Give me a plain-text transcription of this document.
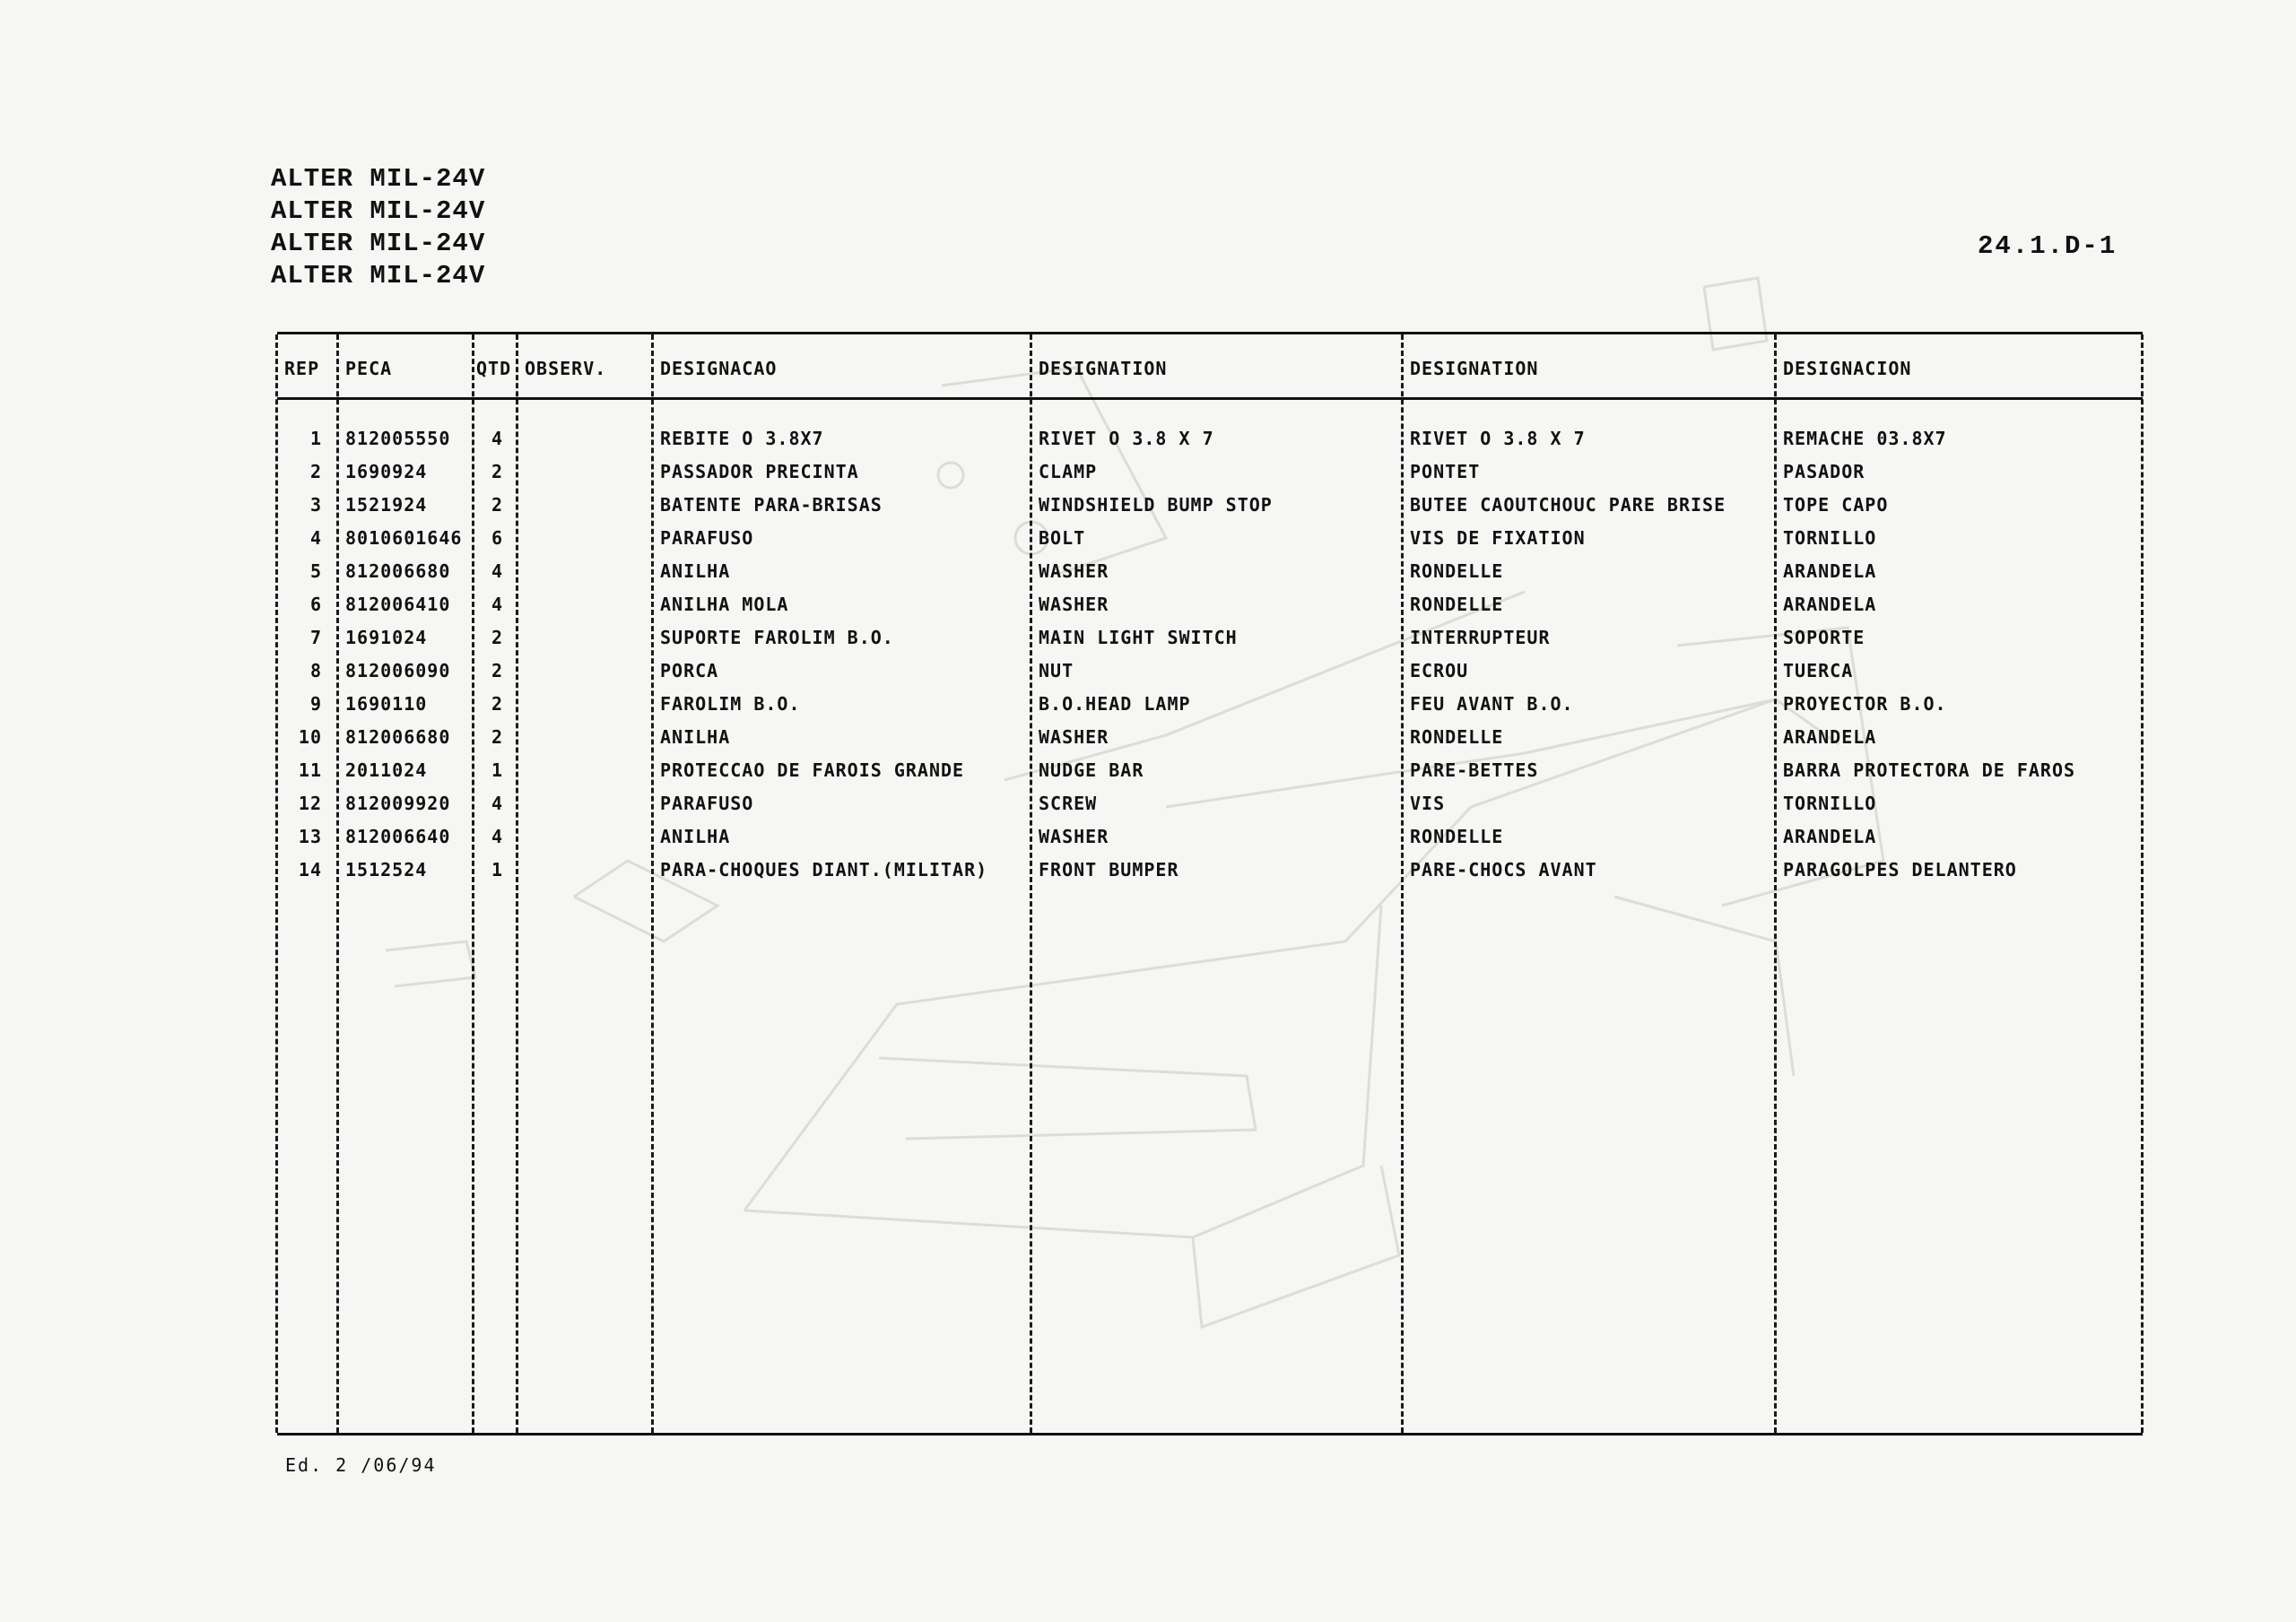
ALTER MIL-24V
ALTER MIL-24V
ALTER MIL-24V
ALTER MIL-24V
24.1.D-1
REP PECA	QTD OBSERV.	DESIGNACAO	DESIGNATION	DESIGNATION	DESIGNACION
1 812005550	4	REBITE O 3.8X7	RIVET O 3.8 X 7	RIVET O 3.8 X 7	REMACHE 03.8X7
2 1690924	2	PASSADOR PRECINTA	CLAMP	PONTET	PASADOR
3 1521924	2	BATENTE PARA-BRISAS	WINDSHIELD BUMP STOP	BUTEE CAOUTCHOUC PARE BRISE	TOPE CAPO
4 8010601646	6	PARAFUSO	BOLT	VIS DE FIXATION	TORNILLO
5 812006680	4	ANILHA	WASHER	RONDELLE	ARANDELA
6 812006410	4	ANILHA MOLA	WASHER	RONDELLE	ARANDELA
7 1691024	2	SUPORTE FAROLIM B.O.	MAIN LIGHT SWITCH	INTERRUPTEUR	SOPORTE
8 812006090	2	PORCA	NUT	ECROU	TUERCA
9 1690110	2	FAROLIM B.O.	B.O.HEAD LAMP	FEU AVANT B.O.	PROYECTOR B.O.
10 812006680	2	ANILHA	WASHER	RONDELLE	ARANDELA
11 2011024	1	PROTECCAO DE FAROIS GRANDE	NUDGE BAR	PARE-BETTES	BARRA PROTECTORA DE FAROS
12 812009920	4	PARAFUSO	SCREW	VIS	TORNILLO
13 812006640	4	ANILHA	WASHER	RONDELLE	ARANDELA
14 1512524	1	PARA-CHOQUES DIANT.(MILITAR)	FRONT BUMPER	PARE-CHOCS AVANT	PARAGOLPES DELANTERO
Ed. 2 /06/94
